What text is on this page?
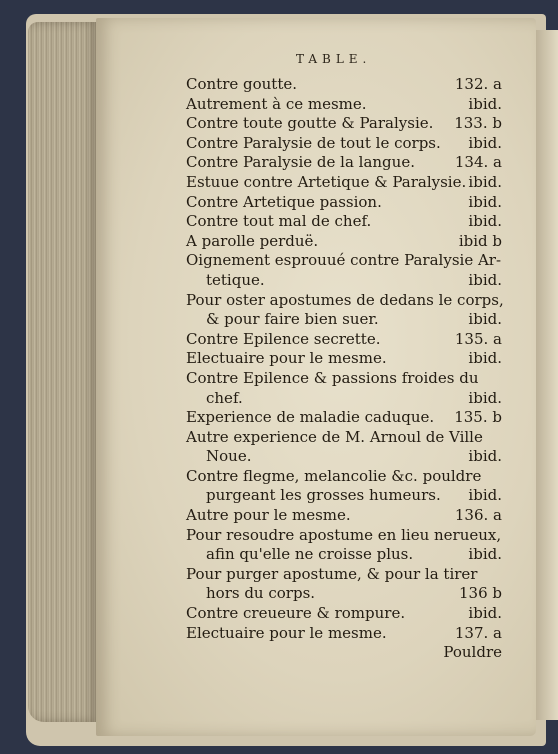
TABLE.
Contre goutte.	132. a
Autrement à ce mesme.	ibid.
Contre toute goutte & Paralysie. 133. b
Contre Paralysie de tout le corps. ibid.
Contre Paralysie de la langue.	134. a
Estuue contre Artetique & Paralysie. ibid.
Contre Artetique passion.	ibid.
Contre tout mal de chef.	ibid.
A parolle perduë.	ibid b
Oignement esprouué contre Paralysie Ar-
tetique.	ibid.
Pour oster apostumes de dedans le corps,
& pour faire bien suer.	ibid.
Contre Epilence secrette.	135. a
Electuaire pour le mesme.	ibid.
Contre Epilence & passions froides du
chef.	ibid.
Experience de maladie caduque. 135. b
Autre experience de M. Arnoul de Ville
Noue.	ibid.
Contre flegme, melancolie &c. pouldre
purgeant les grosses humeurs. ibid.
Autre pour le mesme.	136. a
Pour resoudre apostume en lieu nerueux,
afin qu'elle ne croisse plus.	ibid.
Pour purger apostume, & pour la tirer
hors du corps.	136 b
Contre creueure & rompure.	ibid.
Electuaire pour le mesme.	137. a
Pouldre
